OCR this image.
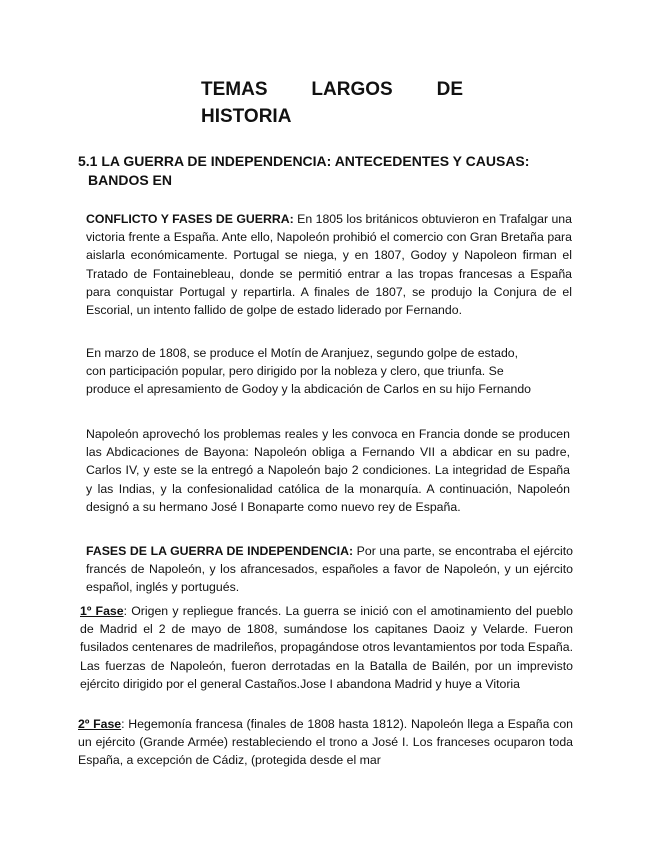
TEMAS LARGOS DE
HISTORIA
5.1 LA GUERRA DE INDEPENDENCIA: ANTECEDENTES Y CAUSAS:
BANDOS EN
CONFLICTO Y FASES DE GUERRA: En 1805 los británicos obtuvieron en Trafalgar una victoria frente a España. Ante ello, Napoleón prohibió el comercio con Gran Bretaña para aislarla económicamente. Portugal se niega, y en 1807, Godoy y Napoleon firman el Tratado de Fontainebleau, donde se permitió entrar a las tropas francesas a España para conquistar Portugal y repartirla. A finales de 1807, se produjo la Conjura de el Escorial, un intento fallido de golpe de estado liderado por Fernando.
En marzo de 1808, se produce el Motín de Aranjuez, segundo golpe de estado, con participación popular, pero dirigido por la nobleza y clero, que triunfa. Se produce el apresamiento de Godoy y la abdicación de Carlos en su hijo Fernando
Napoleón aprovechó los problemas reales y les convoca en Francia donde se producen las Abdicaciones de Bayona: Napoleón obliga a Fernando VII a abdicar en su padre, Carlos IV, y este se la entregó a Napoleón bajo 2 condiciones. La integridad de España y las Indias, y la confesionalidad católica de la monarquía. A continuación, Napoleón designó a su hermano José I Bonaparte como nuevo rey de España.
FASES DE LA GUERRA DE INDEPENDENCIA: Por una parte, se encontraba el ejército francés de Napoleón, y los afrancesados, españoles a favor de Napoleón, y un ejército español, inglés y portugués.
1º Fase: Origen y repliegue francés. La guerra se inició con el amotinamiento del pueblo de Madrid el 2 de mayo de 1808, sumándose los capitanes Daoiz y Velarde. Fueron fusilados centenares de madrileños, propagándose otros levantamientos por toda España. Las fuerzas de Napoleón, fueron derrotadas en la Batalla de Bailén, por un imprevisto ejército dirigido por el general Castaños.Jose I abandona Madrid y huye a Vitoria
2º Fase: Hegemonía francesa (finales de 1808 hasta 1812). Napoleón llega a España con un ejército (Grande Armée) restableciendo el trono a José I. Los franceses ocuparon toda España, a excepción de Cádiz, (protegida desde el mar
